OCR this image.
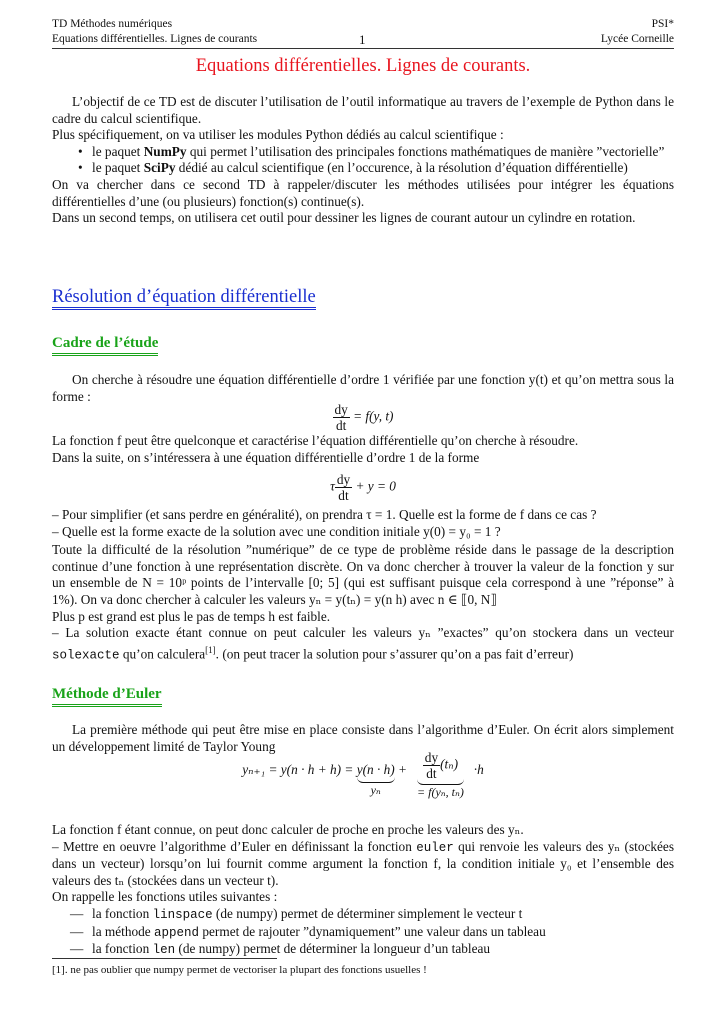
TD Méthodes numériques
Equations différentielles. Lignes de courants	1
PSI*
Lycée Corneille
Equations différentielles. Lignes de courants.

L’objectif de ce TD est de discuter l’utilisation de l’outil informatique au travers de l’exemple de Python dans le cadre du calcul scientifique.

Plus spécifiquement, on va utiliser les modules Python dédiés au calcul scientifique :

• le paquet NumPy qui permet l’utilisation des principales fonctions mathématiques de manière ”vectorielle”

• le paquet SciPy dédié au calcul scientifique (en l’occurence, à la résolution d’équation différentielle)

On va chercher dans ce second TD à rappeler/discuter les méthodes utilisées pour intégrer les équations différentielles d’une (ou plusieurs) fonction(s) continue(s).

Dans un second temps, on utilisera cet outil pour dessiner les lignes de courant autour un cylindre en rotation.

Résolution d’équation différentielle
Cadre de l’étude
On cherche à résoudre une équation différentielle d’ordre 1 vérifiée par une fonction y(t) et qu’on mettra sous la forme :
$\frac{dy}{dt} = f(y$, t)

La fonction f peut être quelconque et caractérise l’équation différentielle qu’on cherche à résoudre.

Dans la suite, on s’intéressera à une équation différentielle d’ordre 1 de la forme

τ $\frac{dy}{dt} + y = 0$

– Pour simplifier (et sans perdre en généralité), on prendra τ = 1. Quelle est la forme de f dans ce cas ?

– Quelle est la forme exacte de la solution avec une condition initiale y(0) = y₀ = 1 ?

Toute la difficulté de la résolution ”numérique” de ce type de problème réside dans le passage de la description continue d’une fonction à une représentation discrète. On va donc chercher à trouver la valeur de la fonction y sur un ensemble de N = 10ᵖ points de l’intervalle [0; 5] (qui est suffisant puisque cela correspond à une ”réponse” à 1%). On va donc chercher à calculer les valeurs yₙ = y(tₙ) = y(n h) avec n ∈ ⟦0, N⟧

Plus p est grand est plus le pas de temps h est faible.

– La solution exacte étant connue on peut calculer les valeurs yₙ ”exactes” qu’on stockera dans un vecteur solexacte qu’on calculera[1]. (on peut tracer la solution pour s’assurer qu’on a pas fait d’erreur)

Méthode d’Euler
La première méthode qui peut être mise en place consiste dans l’algorithme d’Euler. On écrit alors simplement un développement limité de Taylor Young
yₙ₊₁ = y(n · h + h) = y(n · h)
yₙ
+ $\frac{dy}{dt} (t_n)$
= f(yₙ, tₙ)
·h

La fonction f étant connue, on peut donc calculer de proche en proche les valeurs des yₙ.

– Mettre en oeuvre l’algorithme d’Euler en définissant la fonction euler qui renvoie les valeurs des yₙ (stockées dans un vecteur) lorsqu’on lui fournit comme argument la fonction f, la condition initiale y₀ et l’ensemble des valeurs des tₙ (stockées dans un vecteur t).

On rappelle les fonctions utiles suivantes :

— la fonction linspace (de numpy) permet de déterminer simplement le vecteur t

— la méthode append permet de rajouter ”dynamiquement” une valeur dans un tableau

— la fonction len (de numpy) permet de déterminer la longueur d’un tableau

[1]. ne pas oublier que numpy permet de vectoriser la plupart des fonctions usuelles !
